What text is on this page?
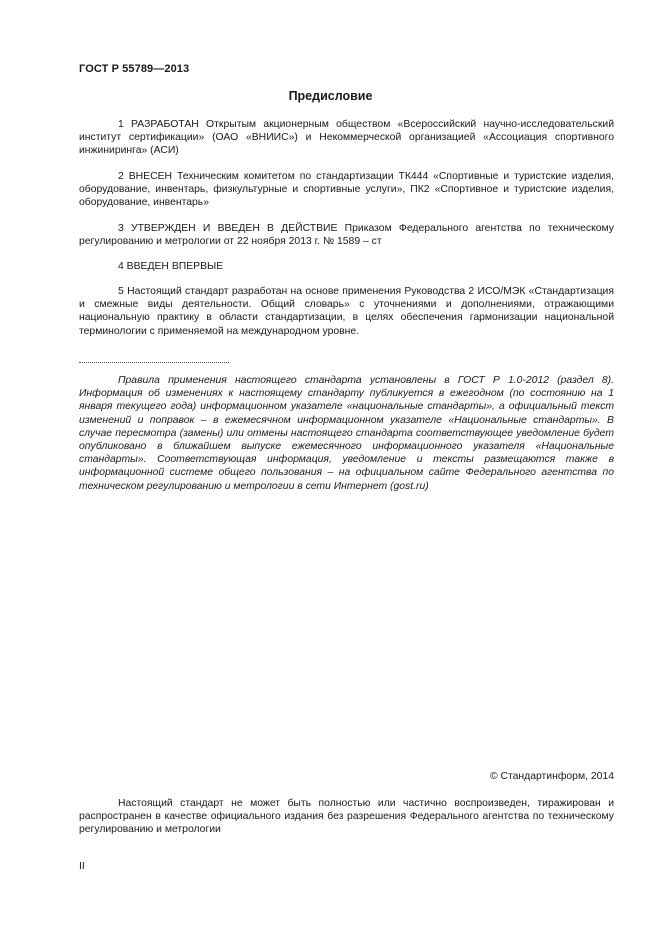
ГОСТ Р 55789—2013
Предисловие

1 РАЗРАБОТАН Открытым акционерным обществом «Всероссийский научно-исследовательский институт сертификации» (ОАО «ВНИИС») и Некоммерческой организацией «Ассоциация спортивного инжиниринга» (АСИ)

2 ВНЕСЕН Техническим комитетом по стандартизации ТК444 «Спортивные и туристские изделия, оборудование, инвентарь, физкультурные и спортивные услуги», ПК2 «Спортивное и туристские изделия, оборудование, инвентарь»

3 УТВЕРЖДЕН И ВВЕДЕН В ДЕЙСТВИЕ Приказом Федерального агентства по техническому регулированию и метрологии от 22 ноября 2013 г. № 1589 – ст

4 ВВЕДЕН ВПЕРВЫЕ

5 Настоящий стандарт разработан на основе применения Руководства 2 ИСО/МЭК «Стандартизация и смежные виды деятельности. Общий словарь» с уточнениями и дополнениями, отражающими национальную практику в области стандартизации, в целях обеспечения гармонизации национальной терминологии с применяемой на международном уровне.

Правила применения настоящего стандарта установлены в ГОСТ Р 1.0-2012 (раздел 8). Информация об изменениях к настоящему стандарту публикуется в ежегодном (по состоянию на 1 января текущего года) информационном указателе «национальные стандарты», а официальный текст изменений и поправок – в ежемесячном информационном указателе «Национальные стандарты». В случае пересмотра (замены) или отмены настоящего стандарта соответствующее уведомление будет опубликовано в ближайшем выпуске ежемесячного информационного указателя «Национальные стандарты». Соответствующая информация, уведомление и тексты размещаются также в информационной системе общего пользования – на официальном сайте Федерального агентства по техническом регулированию и метрологии в сети Интернет (gost.ru)

© Стандартинформ, 2014

Настоящий стандарт не может быть полностью или частично воспроизведен, тиражирован и распространен в качестве официального издания без разрешения Федерального агентства по техническому регулированию и метрологии

II
